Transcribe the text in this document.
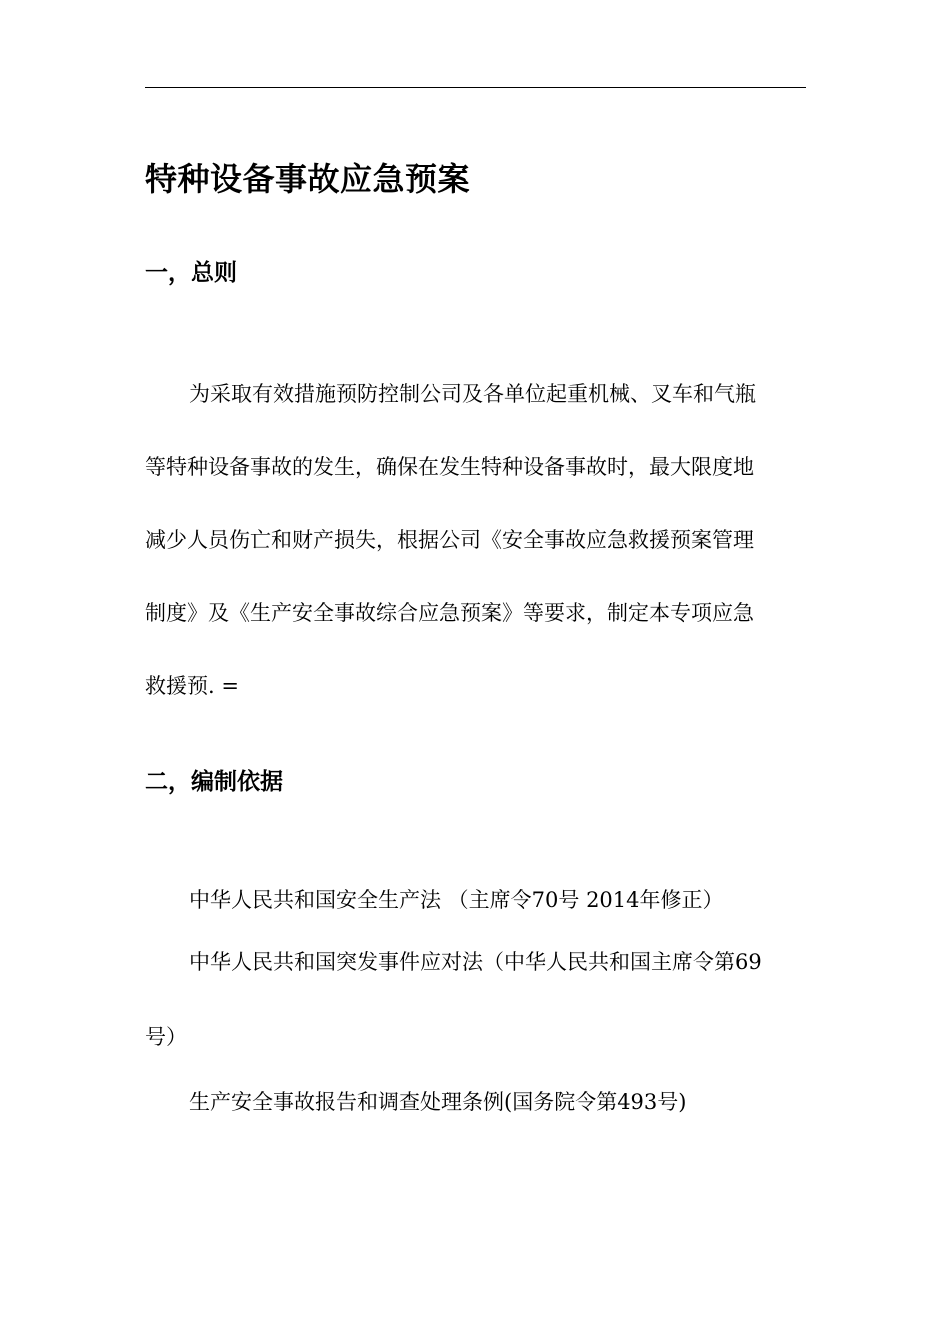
特种设备事故应急预案
一，总则
为采取有效措施预防控制公司及各单位起重机械、叉车和气瓶
等特种设备事故的发生，确保在发生特种设备事故时，最大限度地
减少人员伤亡和财产损失，根据公司《安全事故应急救援预案管理
制度》及《生产安全事故综合应急预案》等要求，制定本专项应急
救援预. =
二，编制依据
中华人民共和国安全生产法 （主席令70号 2014年修正）
中华人民共和国突发事件应对法（中华人民共和国主席令第69
号）
生产安全事故报告和调查处理条例(国务院令第493号)
